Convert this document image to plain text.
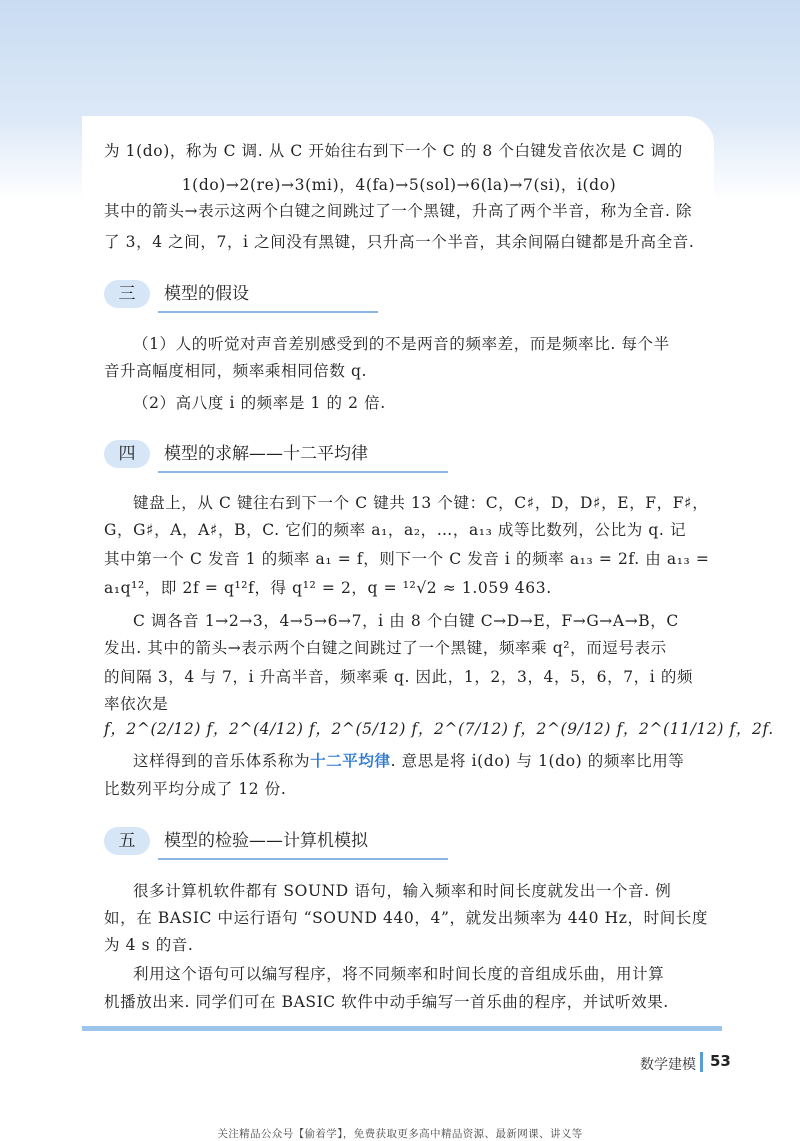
为 1(do)，称为 C 调. 从 C 开始往右到下一个 C 的 8 个白键发音依次是 C 调的
1(do)→2(re)→3(mi)，4(fa)→5(sol)→6(la)→7(si)，i̇(do)
其中的箭头→表示这两个白键之间跳过了一个黑键，升高了两个半音，称为全音. 除
了 3，4 之间，7，i̇ 之间没有黑键，只升高一个半音，其余间隔白键都是升高全音.
三	模型的假设
（1）人的听觉对声音差别感受到的不是两音的频率差，而是频率比. 每个半
音升高幅度相同，频率乘相同倍数 q.
（2）高八度 i̇ 的频率是 1 的 2 倍.
四	模型的求解——十二平均律
键盘上，从 C 键往右到下一个 C 键共 13 个键：C，C♯，D，D♯，E，F，F♯，
G，G♯，A，A♯，B，C. 它们的频率 a₁，a₂，…，a₁₃ 成等比数列，公比为 q. 记
其中第一个 C 发音 1 的频率 a₁ = f，则下一个 C 发音 i̇ 的频率 a₁₃ = 2f. 由 a₁₃ =
a₁q¹²，即 2f = q¹²f，得 q¹² = 2，q = ¹²√2 ≈ 1.059 463.
C 调各音 1→2→3，4→5→6→7，i̇ 由 8 个白键 C→D→E，F→G→A→B，C
发出. 其中的箭头→表示两个白键之间跳过了一个黑键，频率乘 q²，而逗号表示
的间隔 3，4 与 7，i̇ 升高半音，频率乘 q. 因此，1，2，3，4，5，6，7，i̇ 的频
率依次是
f，2^(2/12) f，2^(4/12) f，2^(5/12) f，2^(7/12) f，2^(9/12) f，2^(11/12) f，2f.
这样得到的音乐体系称为十二平均律. 意思是将 i̇(do) 与 1(do) 的频率比用等
比数列平均分成了 12 份.
五	模型的检验——计算机模拟
很多计算机软件都有 SOUND 语句，输入频率和时间长度就发出一个音. 例
如，在 BASIC 中运行语句 “SOUND 440，4”，就发出频率为 440 Hz，时间长度
为 4 s 的音.
利用这个语句可以编写程序，将不同频率和时间长度的音组成乐曲，用计算
机播放出来. 同学们可在 BASIC 软件中动手编写一首乐曲的程序，并试听效果.
数学建模 53
关注精品公众号【偷着学】，免费获取更多高中精品资源、最新网课、讲义等
